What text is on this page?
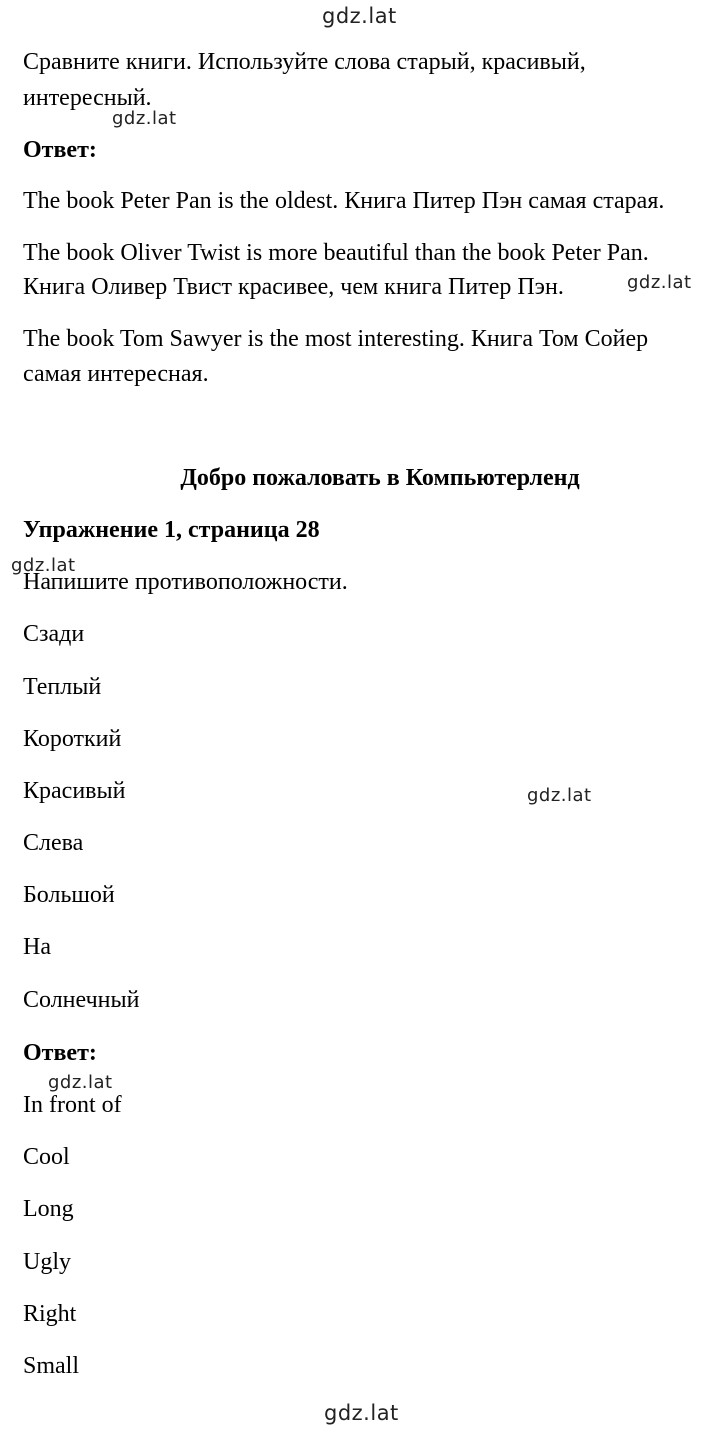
gdz.lat
gdz.lat
gdz.lat
gdz.lat
gdz.lat
gdz.lat
gdz.lat

Сравните книги. Используйте слова старый, красивый,

интересный.

Ответ:

The book Peter Pan is the oldest. Книга Питер Пэн самая старая.

The book Oliver Twist is more beautiful than the book Peter Pan.

Книга Оливер Твист красивее, чем книга Питер Пэн.

The book Tom Sawyer is the most interesting. Книга Том Сойер

самая интересная.

Добро пожаловать в Компьютерленд

Упражнение 1, страница 28

Напишите противоположности.

Сзади

Теплый

Короткий

Красивый

Слева

Большой

На

Солнечный

Ответ:

In front of

Cool

Long

Ugly

Right

Small
